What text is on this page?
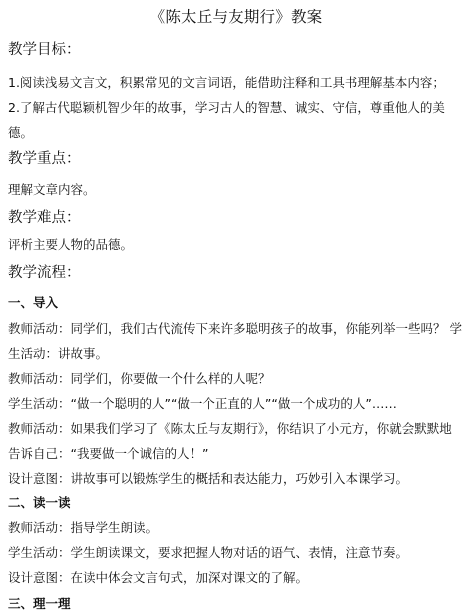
《陈太丘与友期行》教案
教学目标：
1.阅读浅易文言文，积累常见的文言词语，能借助注释和工具书理解基本内容；
2.了解古代聪颖机智少年的故事，学习古人的智慧、诚实、守信，尊重他人的美德。
教学重点：
理解文章内容。
教学难点：
评析主要人物的品德。
教学流程：
一、导入
教师活动：同学们，我们古代流传下来许多聪明孩子的故事，你能列举一些吗？ 学生活动：讲故事。
教师活动：同学们，你要做一个什么样的人呢？
学生活动：“做一个聪明的人”“做一个正直的人”“做一个成功的人”……
教师活动：如果我们学习了《陈太丘与友期行》，你结识了小元方，你就会默默地告诉自己：“我要做一个诚信的人！”
设计意图：讲故事可以锻炼学生的概括和表达能力，巧妙引入本课学习。
二、读一读
教师活动：指导学生朗读。
学生活动：学生朗读课文，要求把握人物对话的语气、表情，注意节奏。
设计意图：在读中体会文言句式，加深对课文的了解。
三、理一理
